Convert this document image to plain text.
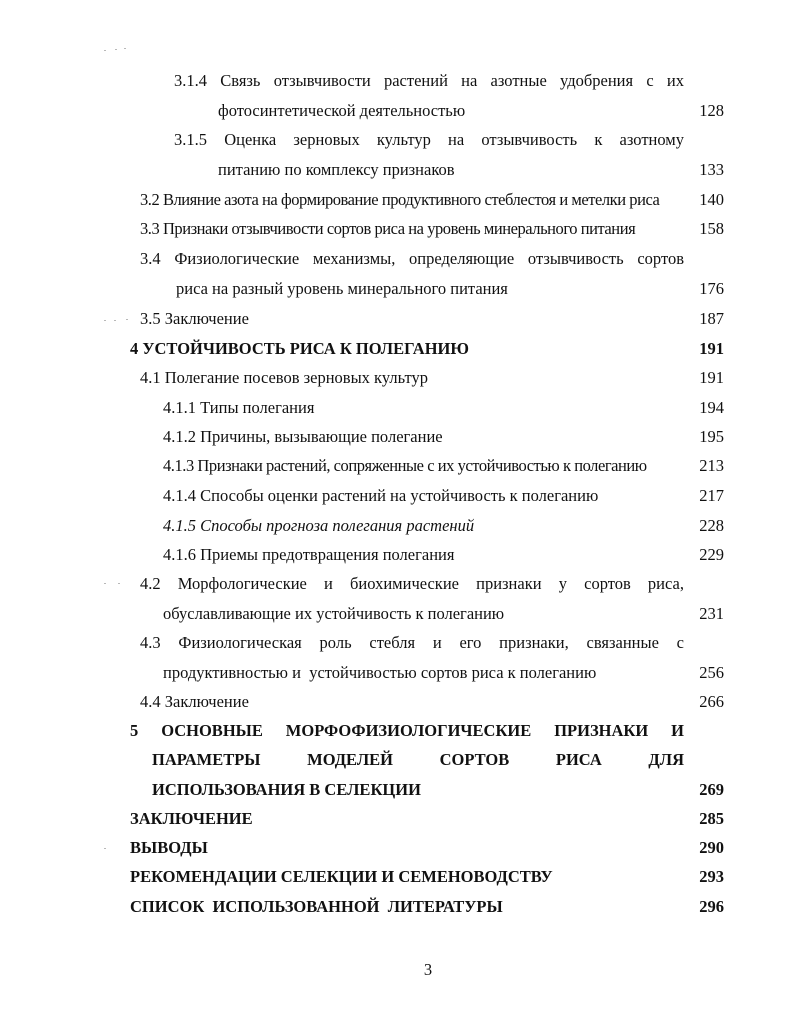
3.1.4 Связь отзывчивости растений на азотные удобрения с их
фотосинтетической деятельностью	128
3.1.5 Оценка зерновых культур на отзывчивость к азотному
питанию по комплексу признаков	133
3.2 Влияние азота на формирование продуктивного стеблестоя и метелки риса	140
3.3 Признаки отзывчивости сортов риса на уровень минерального питания	158
3.4 Физиологические механизмы, определяющие отзывчивость сортов
риса на разный уровень минерального питания	176
3.5 Заключение	187
4 УСТОЙЧИВОСТЬ РИСА К ПОЛЕГАНИЮ	191
4.1 Полегание посевов зерновых культур	191
4.1.1 Типы полегания	194
4.1.2 Причины, вызывающие полегание	195
4.1.3 Признаки растений, сопряженные с их устойчивостью к полеганию	213
4.1.4 Способы оценки растений на устойчивость к полеганию	217
4.1.5 Способы прогноза полегания растений	228
4.1.6 Приемы предотвращения полегания	229
4.2 Морфологические и биохимические признаки у сортов риса,
обуславливающие их устойчивость к полеганию	231
4.3 Физиологическая роль стебля и его признаки, связанные с
продуктивностью и  устойчивостью сортов риса к полеганию	256
4.4 Заключение	266
5 ОСНОВНЫЕ МОРФОФИЗИОЛОГИЧЕСКИЕ ПРИЗНАКИ И
ПАРАМЕТРЫ МОДЕЛЕЙ СОРТОВ РИСА ДЛЯ
ИСПОЛЬЗОВАНИЯ В СЕЛЕКЦИИ	269
ЗАКЛЮЧЕНИЕ	285
ВЫВОДЫ	290
РЕКОМЕНДАЦИИ СЕЛЕКЦИИ И СЕМЕНОВОДСТВУ	293
СПИСОК  ИСПОЛЬЗОВАННОЙ  ЛИТЕРАТУРЫ	296
3
